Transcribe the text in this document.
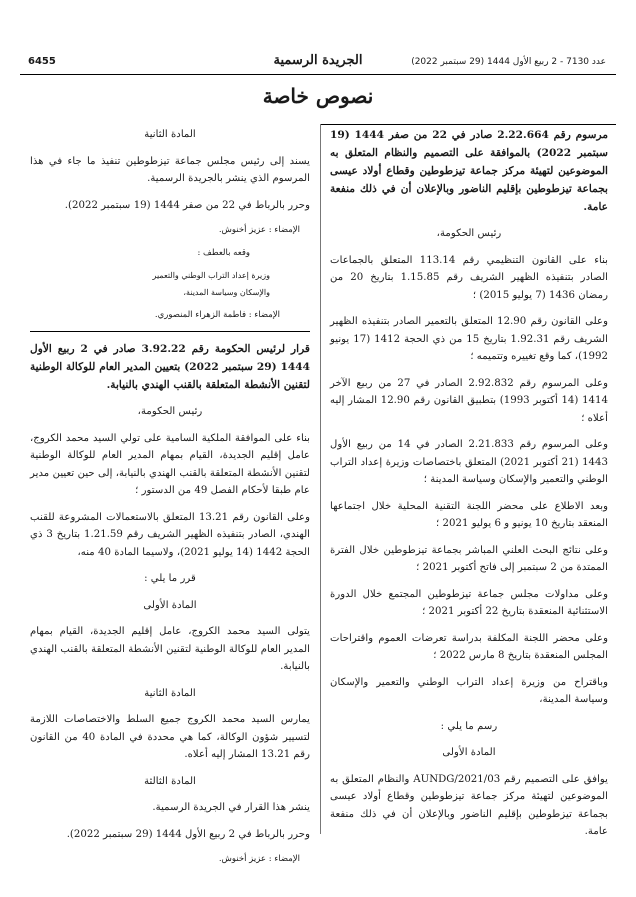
6455	الجريدة الرسمية	عدد 7130 - 2 ربيع الأول 1444 (29 سبتمبر 2022)
نصوص خاصة

مرسوم رقم 2.22.664 صادر في 22 من صفر 1444 (19 سبتمبر 2022) بالموافقة على التصميم والنظام المتعلق به الموضوعين لتهيئة مركز جماعة تيزطوطين وقطاع أولاد عيسى بجماعة تيزطوطين بإقليم الناضور وبالإعلان أن في ذلك منفعة عامة.

رئيس الحكومة،

بناء على القانون التنظيمي رقم 113.14 المتعلق بالجماعات الصادر بتنفيذه الظهير الشريف رقم 1.15.85 بتاريخ 20 من رمضان 1436 (7 يوليو 2015) ؛

وعلى القانون رقم 12.90 المتعلق بالتعمير الصادر بتنفيذه الظهير الشريف رقم 1.92.31 بتاريخ 15 من ذي الحجة 1412 (17 يونيو 1992)، كما وقع تغييره وتتميمه ؛

وعلى المرسوم رقم 2.92.832 الصادر في 27 من ربيع الآخر 1414 (14 أكتوبر 1993) بتطبيق القانون رقم 12.90 المشار إليه أعلاه ؛

وعلى المرسوم رقم 2.21.833 الصادر في 14 من ربيع الأول 1443 (21 أكتوبر 2021) المتعلق باختصاصات وزيرة إعداد التراب الوطني والتعمير والإسكان وسياسة المدينة ؛

وبعد الاطلاع على محضر اللجنة التقنية المحلية خلال اجتماعها المنعقد بتاريخ 10 يونيو و 6 يوليو 2021 ؛

وعلى نتائج البحث العلني المباشر بجماعة تيزطوطين خلال الفترة الممتدة من 2 سبتمبر إلى فاتح أكتوبر 2021 ؛

وعلى مداولات مجلس جماعة تيزطوطين المجتمع خلال الدورة الاستثنائية المنعقدة بتاريخ 22 أكتوبر 2021 ؛

وعلى محضر اللجنة المكلفة بدراسة تعرضات العموم واقتراحات المجلس المنعقدة بتاريخ 8 مارس 2022 ؛

وباقتراح من وزيرة إعداد التراب الوطني والتعمير والإسكان وسياسة المدينة،

رسم ما يلي :

المادة الأولى

يوافق على التصميم رقم 03/AUNDG/2021 والنظام المتعلق به الموضوعين لتهيئة مركز جماعة تيزطوطين وقطاع أولاد عيسى بجماعة تيزطوطين بإقليم الناضور وبالإعلان أن في ذلك منفعة عامة.

المادة الثانية

يسند إلى رئيس مجلس جماعة تيزطوطين تنفيذ ما جاء في هذا المرسوم الذي ينشر بالجريدة الرسمية.

وحرر بالرباط في 22 من صفر 1444 (19 سبتمبر 2022).

الإمضاء : عزيز أخنوش.

وقعه بالعطف :

وزيرة إعداد التراب الوطني والتعمير

والإسكان وسياسة المدينة،

الإمضاء : فاطمة الزهراء المنصوري.

قرار لرئيس الحكومة رقم 3.92.22 صادر في 2 ربيع الأول 1444 (29 سبتمبر 2022) بتعيين المدير العام للوكالة الوطنية لتقنين الأنشطة المتعلقة بالقنب الهندي بالنيابة.

رئيس الحكومة،

بناء على الموافقة الملكية السامية على تولي السيد محمد الكروج، عامل إقليم الجديدة، القيام بمهام المدير العام للوكالة الوطنية لتقنين الأنشطة المتعلقة بالقنب الهندي بالنيابة، إلى حين تعيين مدير عام طبقا لأحكام الفصل 49 من الدستور ؛

وعلى القانون رقم 13.21 المتعلق بالاستعمالات المشروعة للقنب الهندي، الصادر بتنفيذه الظهير الشريف رقم 1.21.59 بتاريخ 3 ذي الحجة 1442 (14 يوليو 2021)، ولاسيما المادة 40 منه،

قرر ما يلي :

المادة الأولى

يتولى السيد محمد الكروج، عامل إقليم الجديدة، القيام بمهام المدير العام للوكالة الوطنية لتقنين الأنشطة المتعلقة بالقنب الهندي بالنيابة.

المادة الثانية

يمارس السيد محمد الكروج جميع السلط والاختصاصات اللازمة لتسيير شؤون الوكالة، كما هي محددة في المادة 40 من القانون رقم 13.21 المشار إليه أعلاه.

المادة الثالثة

ينشر هذا القرار في الجريدة الرسمية.

وحرر بالرباط في 2 ربيع الأول 1444 (29 سبتمبر 2022).

الإمضاء : عزيز أخنوش.
